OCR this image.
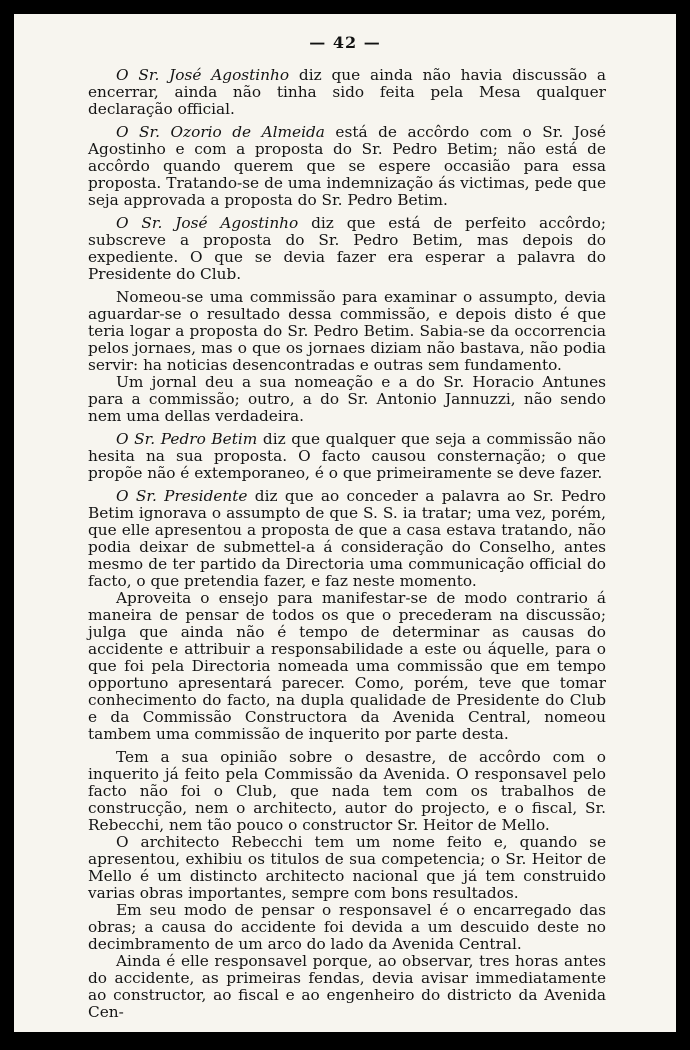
— 42 —

O Sr. José Agostinho diz que ainda não havia discussão a encerrar, ainda não tinha sido feita pela Mesa qualquer declaração official.

O Sr. Ozorio de Almeida está de accôrdo com o Sr. José Agostinho e com a proposta do Sr. Pedro Betim; não está de accôrdo quando querem que se espere occasião para essa proposta. Tratando-se de uma indemnização ás victimas, pede que seja approvada a proposta do Sr. Pedro Betim.

O Sr. José Agostinho diz que está de perfeito accôrdo; subscreve a proposta do Sr. Pedro Betim, mas depois do expediente. O que se devia fazer era esperar a palavra do Presidente do Club.

Nomeou-se uma commissão para examinar o assumpto, devia aguardar-se o resultado dessa commissão, e depois disto é que teria logar a proposta do Sr. Pedro Betim. Sabia-se da occorrencia pelos jornaes, mas o que os jornaes diziam não bastava, não podia servir: ha noticias desencontradas e outras sem fundamento.

Um jornal deu a sua nomeação e a do Sr. Horacio Antunes para a commissão; outro, a do Sr. Antonio Jannuzzi, não sendo nem uma dellas verdadeira.

O Sr. Pedro Betim diz que qualquer que seja a commissão não hesita na sua proposta. O facto causou consternação; o que propõe não é extemporaneo, é o que primeiramente se deve fazer.

O Sr. Presidente diz que ao conceder a palavra ao Sr. Pedro Betim ignorava o assumpto de que S. S. ia tratar; uma vez, porém, que elle apresentou a proposta de que a casa estava tratando, não podia deixar de submettel-a á consideração do Conselho, antes mesmo de ter partido da Directoria uma communicação official do facto, o que pretendia fazer, e faz neste momento.

Aproveita o ensejo para manifestar-se de modo contrario á maneira de pensar de todos os que o precederam na discussão; julga que ainda não é tempo de determinar as causas do accidente e attribuir a responsabilidade a este ou áquelle, para o que foi pela Directoria nomeada uma commissão que em tempo opportuno apresentará parecer. Como, porém, teve que tomar conhecimento do facto, na dupla qualidade de Presidente do Club e da Commissão Constructora da Avenida Central, nomeou tambem uma commissão de inquerito por parte desta.

Tem a sua opinião sobre o desastre, de accôrdo com o inquerito já feito pela Commissão da Avenida. O responsavel pelo facto não foi o Club, que nada tem com os trabalhos de construcção, nem o architecto, autor do projecto, e o fiscal, Sr. Rebecchi, nem tão pouco o constructor Sr. Heitor de Mello.

O architecto Rebecchi tem um nome feito e, quando se apresentou, exhibiu os titulos de sua competencia; o Sr. Heitor de Mello é um distincto architecto nacional que já tem construido varias obras importantes, sempre com bons resultados.

Em seu modo de pensar o responsavel é o encarregado das obras; a causa do accidente foi devida a um descuido deste no decimbramento de um arco do lado da Avenida Central.

Ainda é elle responsavel porque, ao observar, tres horas antes do accidente, as primeiras fendas, devia avisar immediatamente ao constructor, ao fiscal e ao engenheiro do districto da Avenida Cen-
